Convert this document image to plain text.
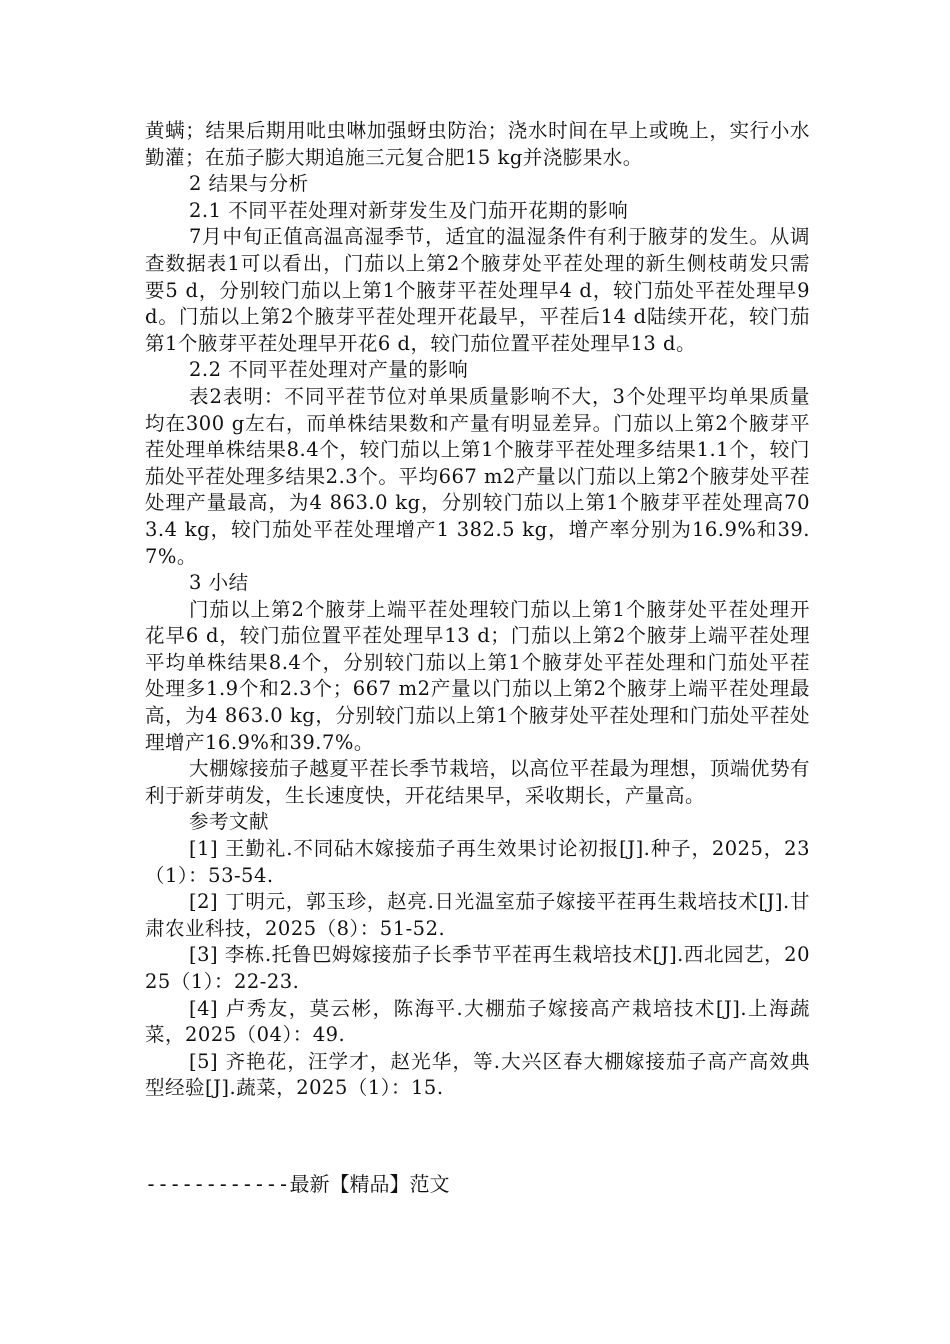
黄螨；结果后期用吡虫啉加强蚜虫防治；浇水时间在早上或晚上，实行小水勤灌；在茄子膨大期追施三元复合肥15 kg并浇膨果水。

2 结果与分析

2.1 不同平茬处理对新芽发生及门茄开花期的影响

7月中旬正值高温高湿季节，适宜的温湿条件有利于腋芽的发生。从调查数据表1可以看出，门茄以上第2个腋芽处平茬处理的新生侧枝萌发只需要5 d，分别较门茄以上第1个腋芽平茬处理早4 d，较门茄处平茬处理早9 d。门茄以上第2个腋芽平茬处理开花最早，平茬后14 d陆续开花，较门茄第1个腋芽平茬处理早开花6 d，较门茄位置平茬处理早13 d。

2.2 不同平茬处理对产量的影响

表2表明：不同平茬节位对单果质量影响不大，3个处理平均单果质量均在300 g左右，而单株结果数和产量有明显差异。门茄以上第2个腋芽平茬处理单株结果8.4个，较门茄以上第1个腋芽平茬处理多结果1.1个，较门茄处平茬处理多结果2.3个。平均667 m2产量以门茄以上第2个腋芽处平茬处理产量最高，为4 863.0 kg，分别较门茄以上第1个腋芽平茬处理高703.4 kg，较门茄处平茬处理增产1 382.5 kg，增产率分别为16.9%和39.7%。

3 小结

门茄以上第2个腋芽上端平茬处理较门茄以上第1个腋芽处平茬处理开花早6 d，较门茄位置平茬处理早13 d；门茄以上第2个腋芽上端平茬处理平均单株结果8.4个，分别较门茄以上第1个腋芽处平茬处理和门茄处平茬处理多1.9个和2.3个；667 m2产量以门茄以上第2个腋芽上端平茬处理最高，为4 863.0 kg，分别较门茄以上第1个腋芽处平茬处理和门茄处平茬处理增产16.9%和39.7%。

大棚嫁接茄子越夏平茬长季节栽培，以高位平茬最为理想，顶端优势有利于新芽萌发，生长速度快，开花结果早，采收期长，产量高。

参考文献

[1] 王勤礼.不同砧木嫁接茄子再生效果讨论初报[J].种子，2025，23（1）：53-54.

[2] 丁明元，郭玉珍，赵亮.日光温室茄子嫁接平茬再生栽培技术[J].甘肃农业科技，2025（8）：51-52.

[3] 李栋.托鲁巴姆嫁接茄子长季节平茬再生栽培技术[J].西北园艺，2025（1）：22-23.

[4] 卢秀友，莫云彬，陈海平.大棚茄子嫁接高产栽培技术[J].上海蔬菜，2025（04）：49.

[5] 齐艳花，汪学才，赵光华，等.大兴区春大棚嫁接茄子高产高效典型经验[J].蔬菜，2025（1）：15.

------------最新【精品】范文
